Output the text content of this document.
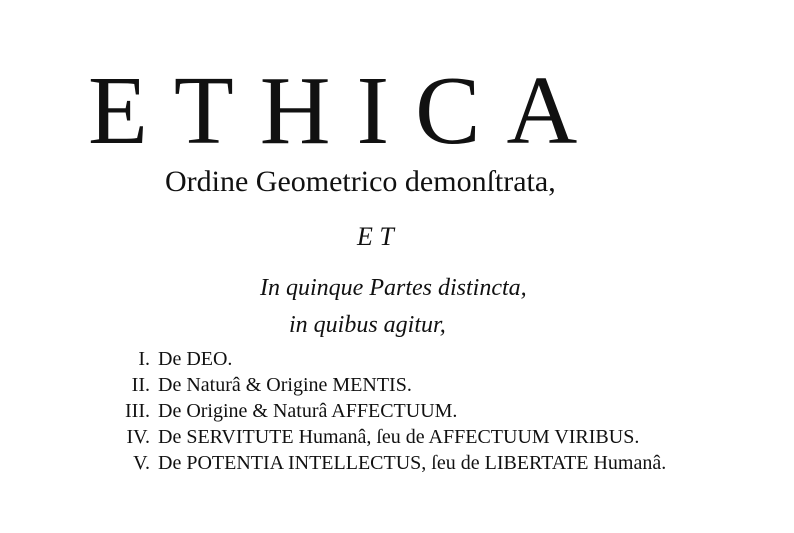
ETHICA
Ordine Geometrico demonſtrata,
E T
In quinque Partes distincta,
in quibus agitur,
I. De DEO.
II. De Naturâ & Origine MENTIS.
III. De Origine & Naturâ AFFECTUUM.
IV. De SERVITUTE Humanâ, ſeu de AFFECTUUM VIRIBUS.
V. De POTENTIA INTELLECTUS, ſeu de LIBERTATE Humanâ.
